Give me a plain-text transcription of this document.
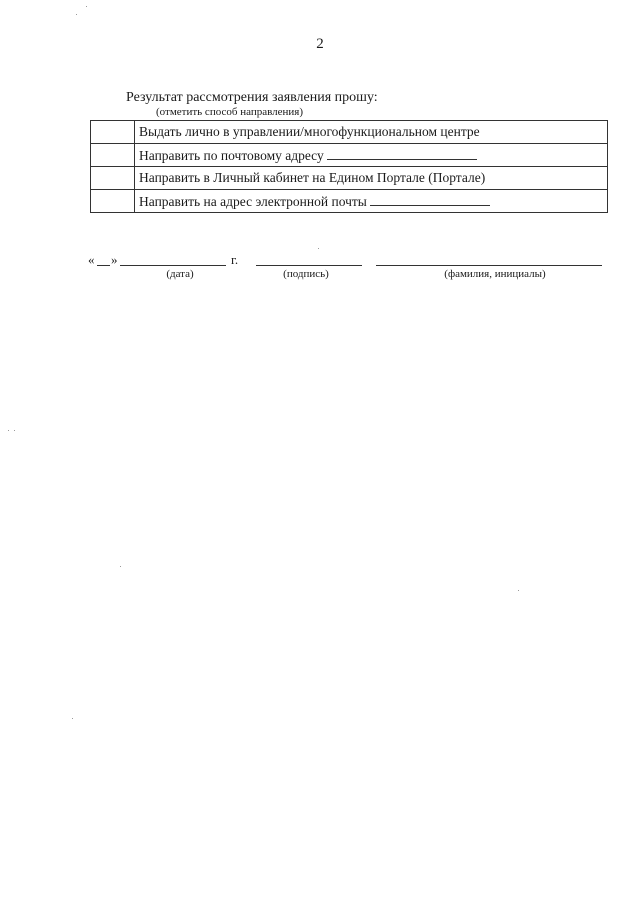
2
Результат рассмотрения заявления прошу:
(отметить способ направления)
	Выдать лично в управлении/многофункциональном центре
	Направить по почтовому адресу
	Направить в Личный кабинет на Едином Портале (Портале)
	Направить на адрес электронной почты
« »	г.
(дата)	(подпись)	(фамилия, инициалы)
